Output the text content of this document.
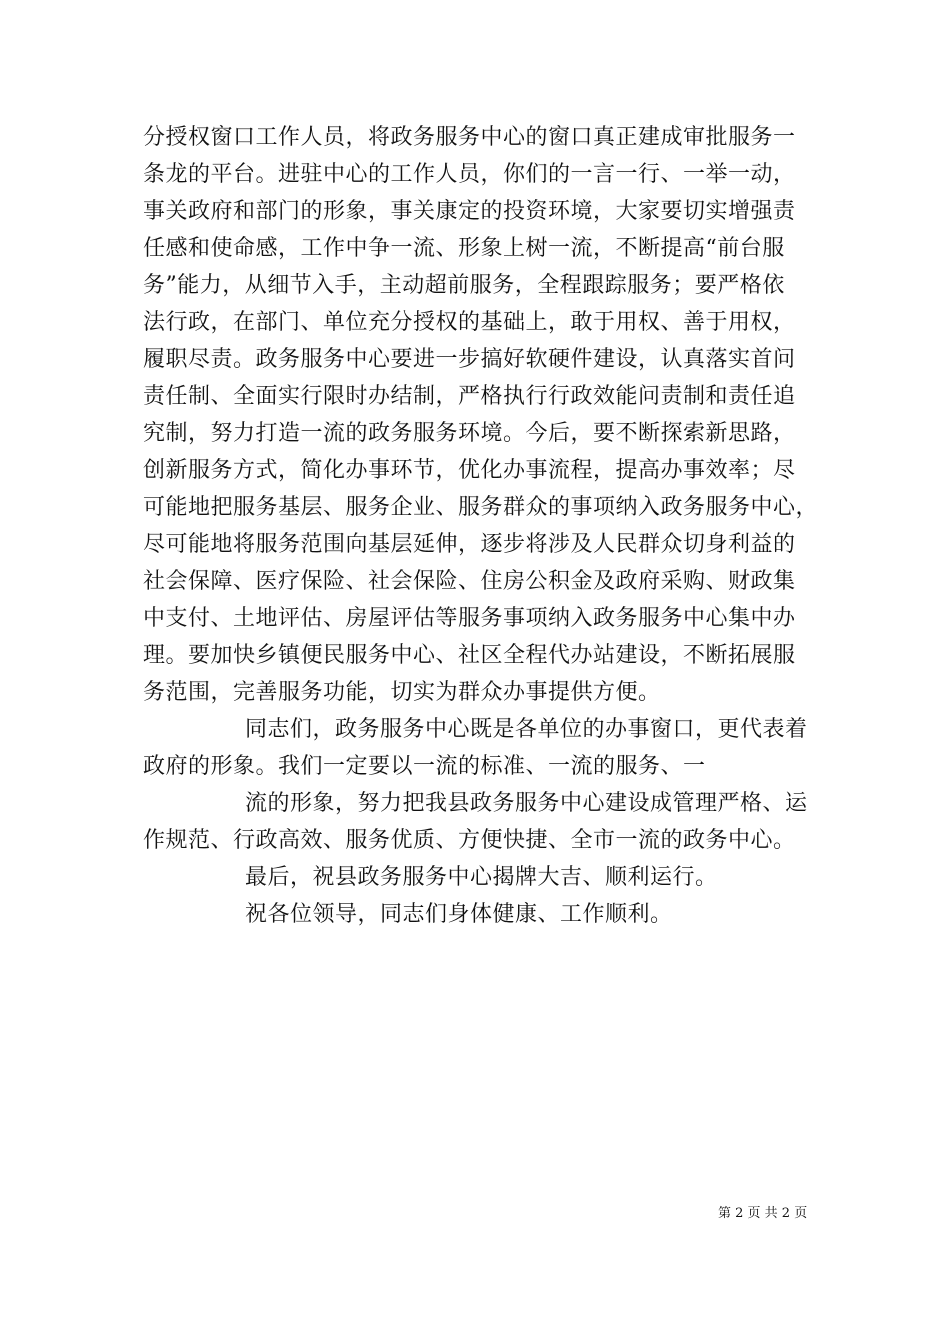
分授权窗口工作人员，将政务服务中心的窗口真正建成审批服务一
条龙的平台。进驻中心的工作人员，你们的一言一行、一举一动，
事关政府和部门的形象，事关康定的投资环境，大家要切实增强责
任感和使命感，工作中争一流、形象上树一流，不断提高“前台服
务”能力，从细节入手，主动超前服务，全程跟踪服务；要严格依
法行政，在部门、单位充分授权的基础上，敢于用权、善于用权，
履职尽责。政务服务中心要进一步搞好软硬件建设，认真落实首问
责任制、全面实行限时办结制，严格执行行政效能问责制和责任追
究制，努力打造一流的政务服务环境。今后，要不断探索新思路，
创新服务方式，简化办事环节，优化办事流程，提高办事效率；尽
可能地把服务基层、服务企业、服务群众的事项纳入政务服务中心，
尽可能地将服务范围向基层延伸，逐步将涉及人民群众切身利益的
社会保障、医疗保险、社会保险、住房公积金及政府采购、财政集
中支付、土地评估、房屋评估等服务事项纳入政务服务中心集中办
理。要加快乡镇便民服务中心、社区全程代办站建设，不断拓展服
务范围，完善服务功能，切实为群众办事提供方便。
同志们，政务服务中心既是各单位的办事窗口，更代表着
政府的形象。我们一定要以一流的标准、一流的服务、一
流的形象，努力把我县政务服务中心建设成管理严格、运
作规范、行政高效、服务优质、方便快捷、全市一流的政务中心。
最后，祝县政务服务中心揭牌大吉、顺利运行。
祝各位领导，同志们身体健康、工作顺利。
第 2 页 共 2 页
